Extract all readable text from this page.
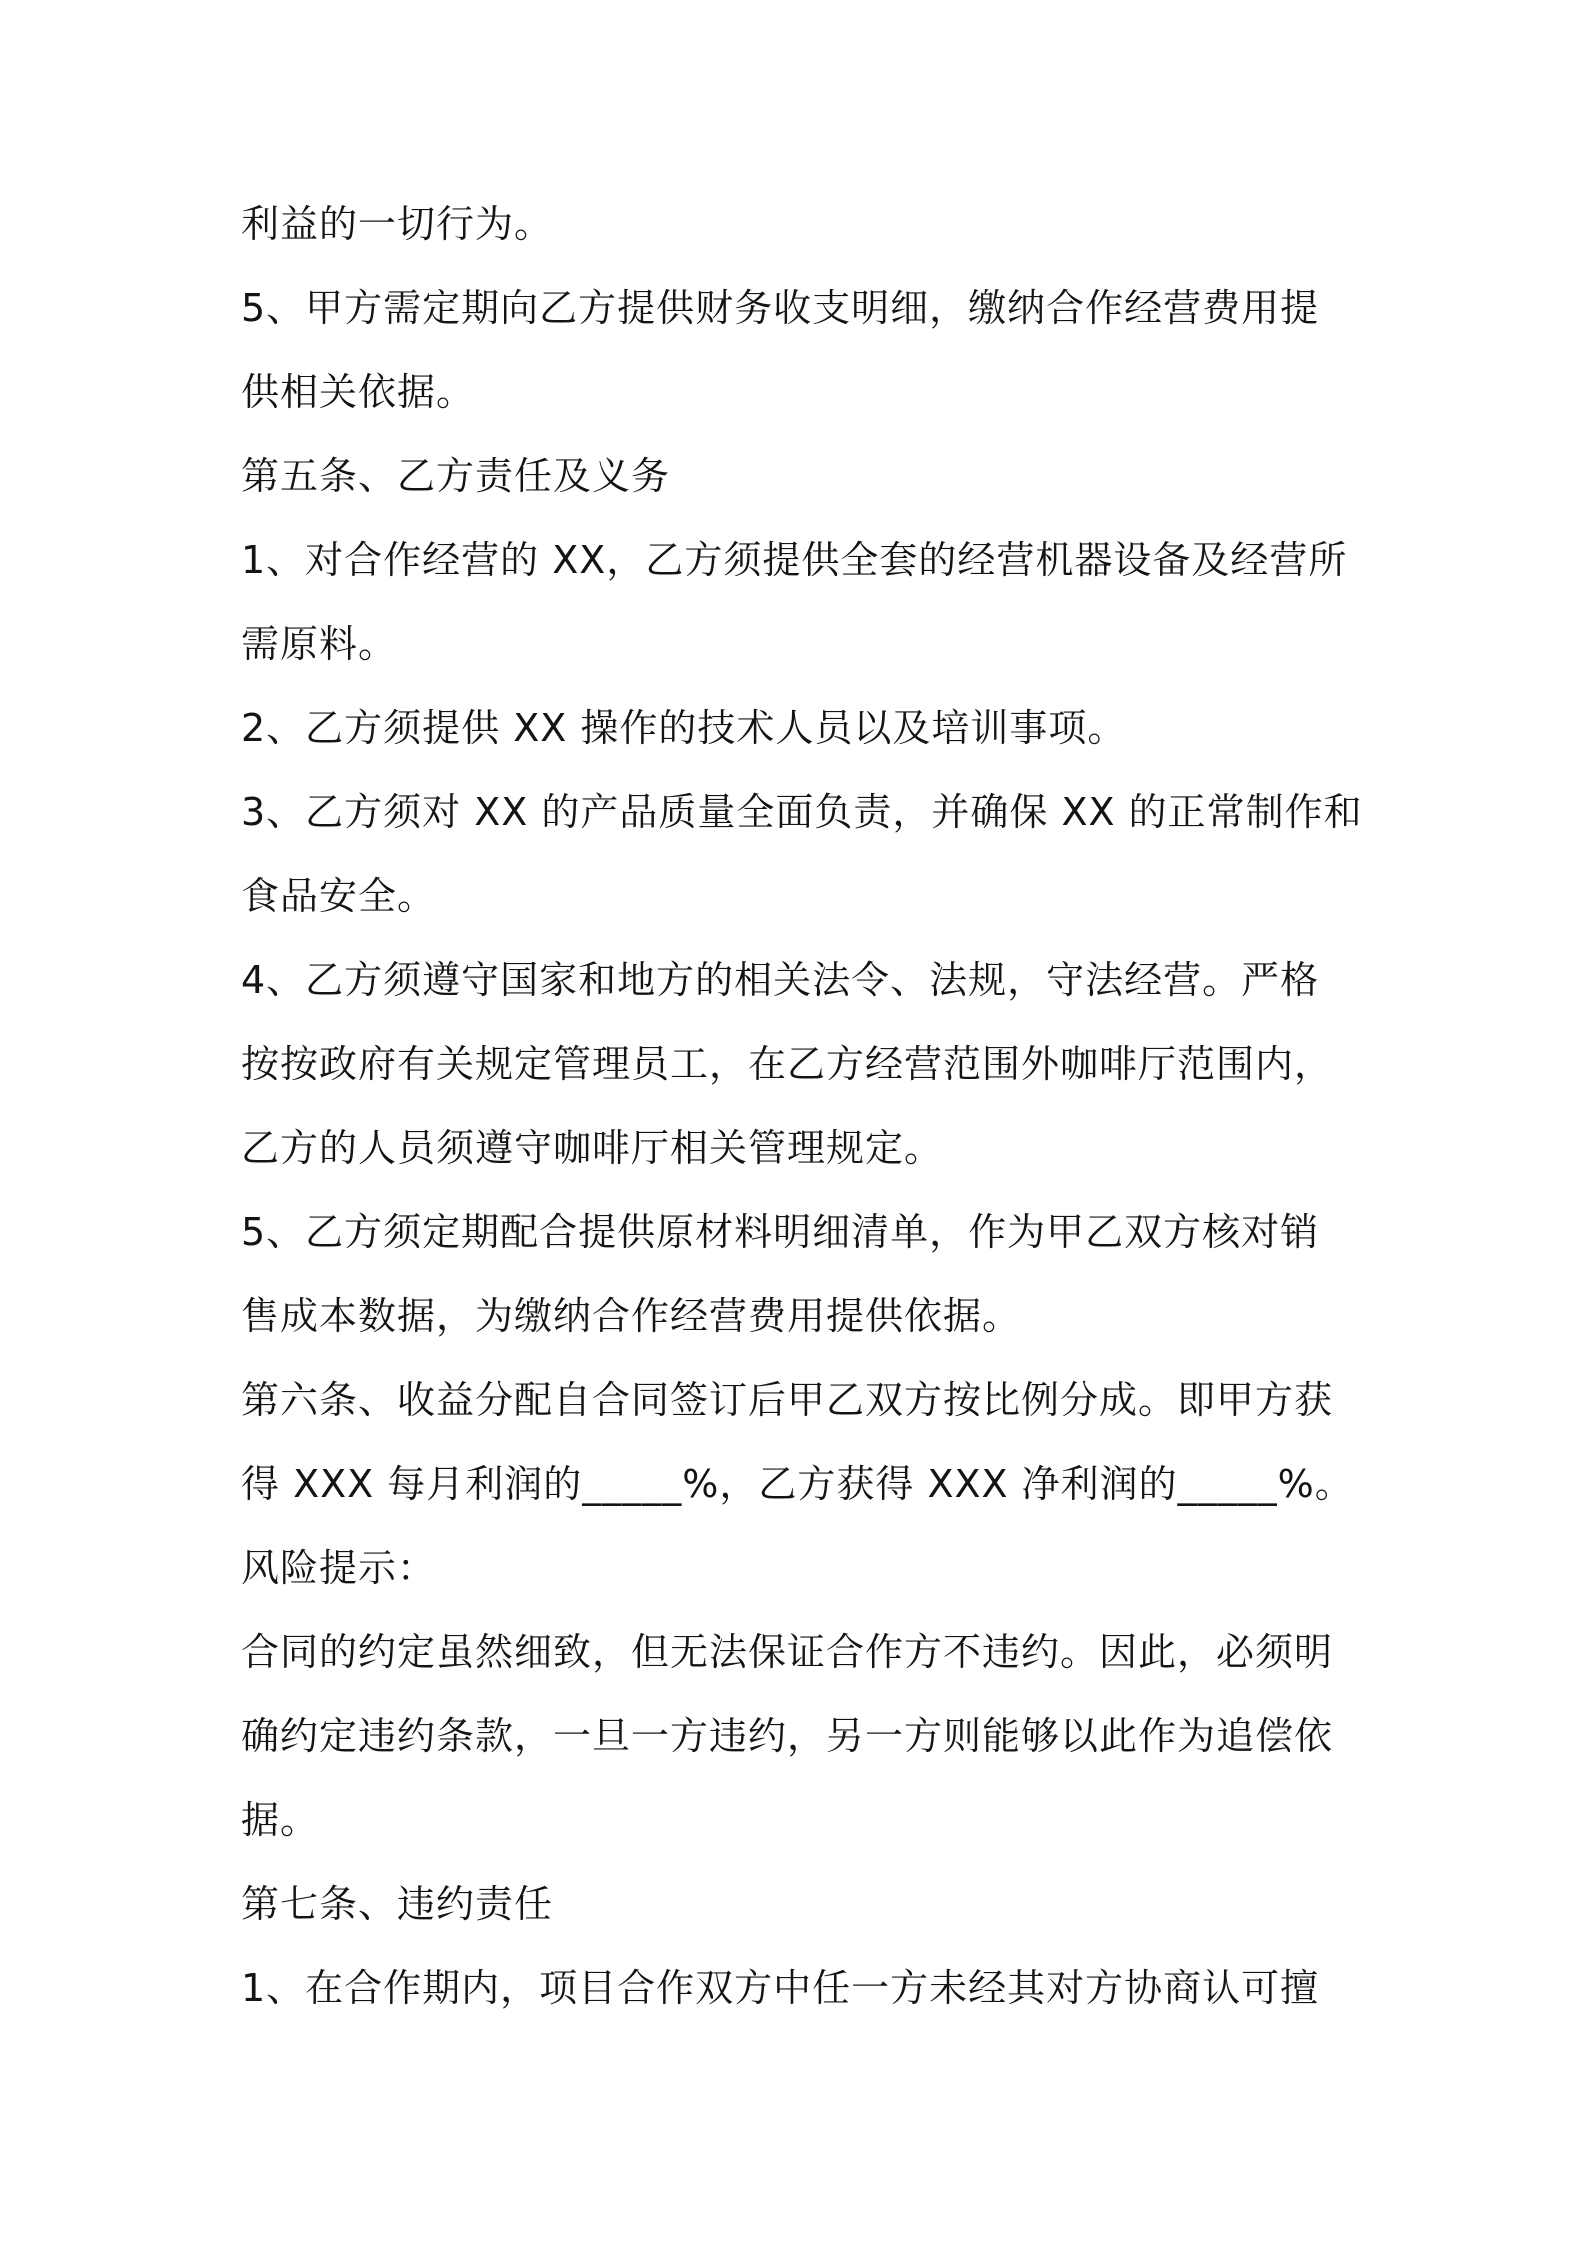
利益的一切行为。

5、甲方需定期向乙方提供财务收支明细，缴纳合作经营费用提

供相关依据。

第五条、乙方责任及义务

1、对合作经营的 XX，乙方须提供全套的经营机器设备及经营所

需原料。

2、乙方须提供 XX 操作的技术人员以及培训事项。

3、乙方须对 XX 的产品质量全面负责，并确保 XX 的正常制作和

食品安全。

4、乙方须遵守国家和地方的相关法令、法规，守法经营。严格

按按政府有关规定管理员工，在乙方经营范围外咖啡厅范围内，

乙方的人员须遵守咖啡厅相关管理规定。

5、乙方须定期配合提供原材料明细清单，作为甲乙双方核对销

售成本数据，为缴纳合作经营费用提供依据。

第六条、收益分配自合同签订后甲乙双方按比例分成。即甲方获

得 XXX 每月利润的_____%，乙方获得 XXX 净利润的_____%。

风险提示：

合同的约定虽然细致，但无法保证合作方不违约。因此，必须明

确约定违约条款，一旦一方违约，另一方则能够以此作为追偿依

据。

第七条、违约责任

1、在合作期内，项目合作双方中任一方未经其对方协商认可擅
